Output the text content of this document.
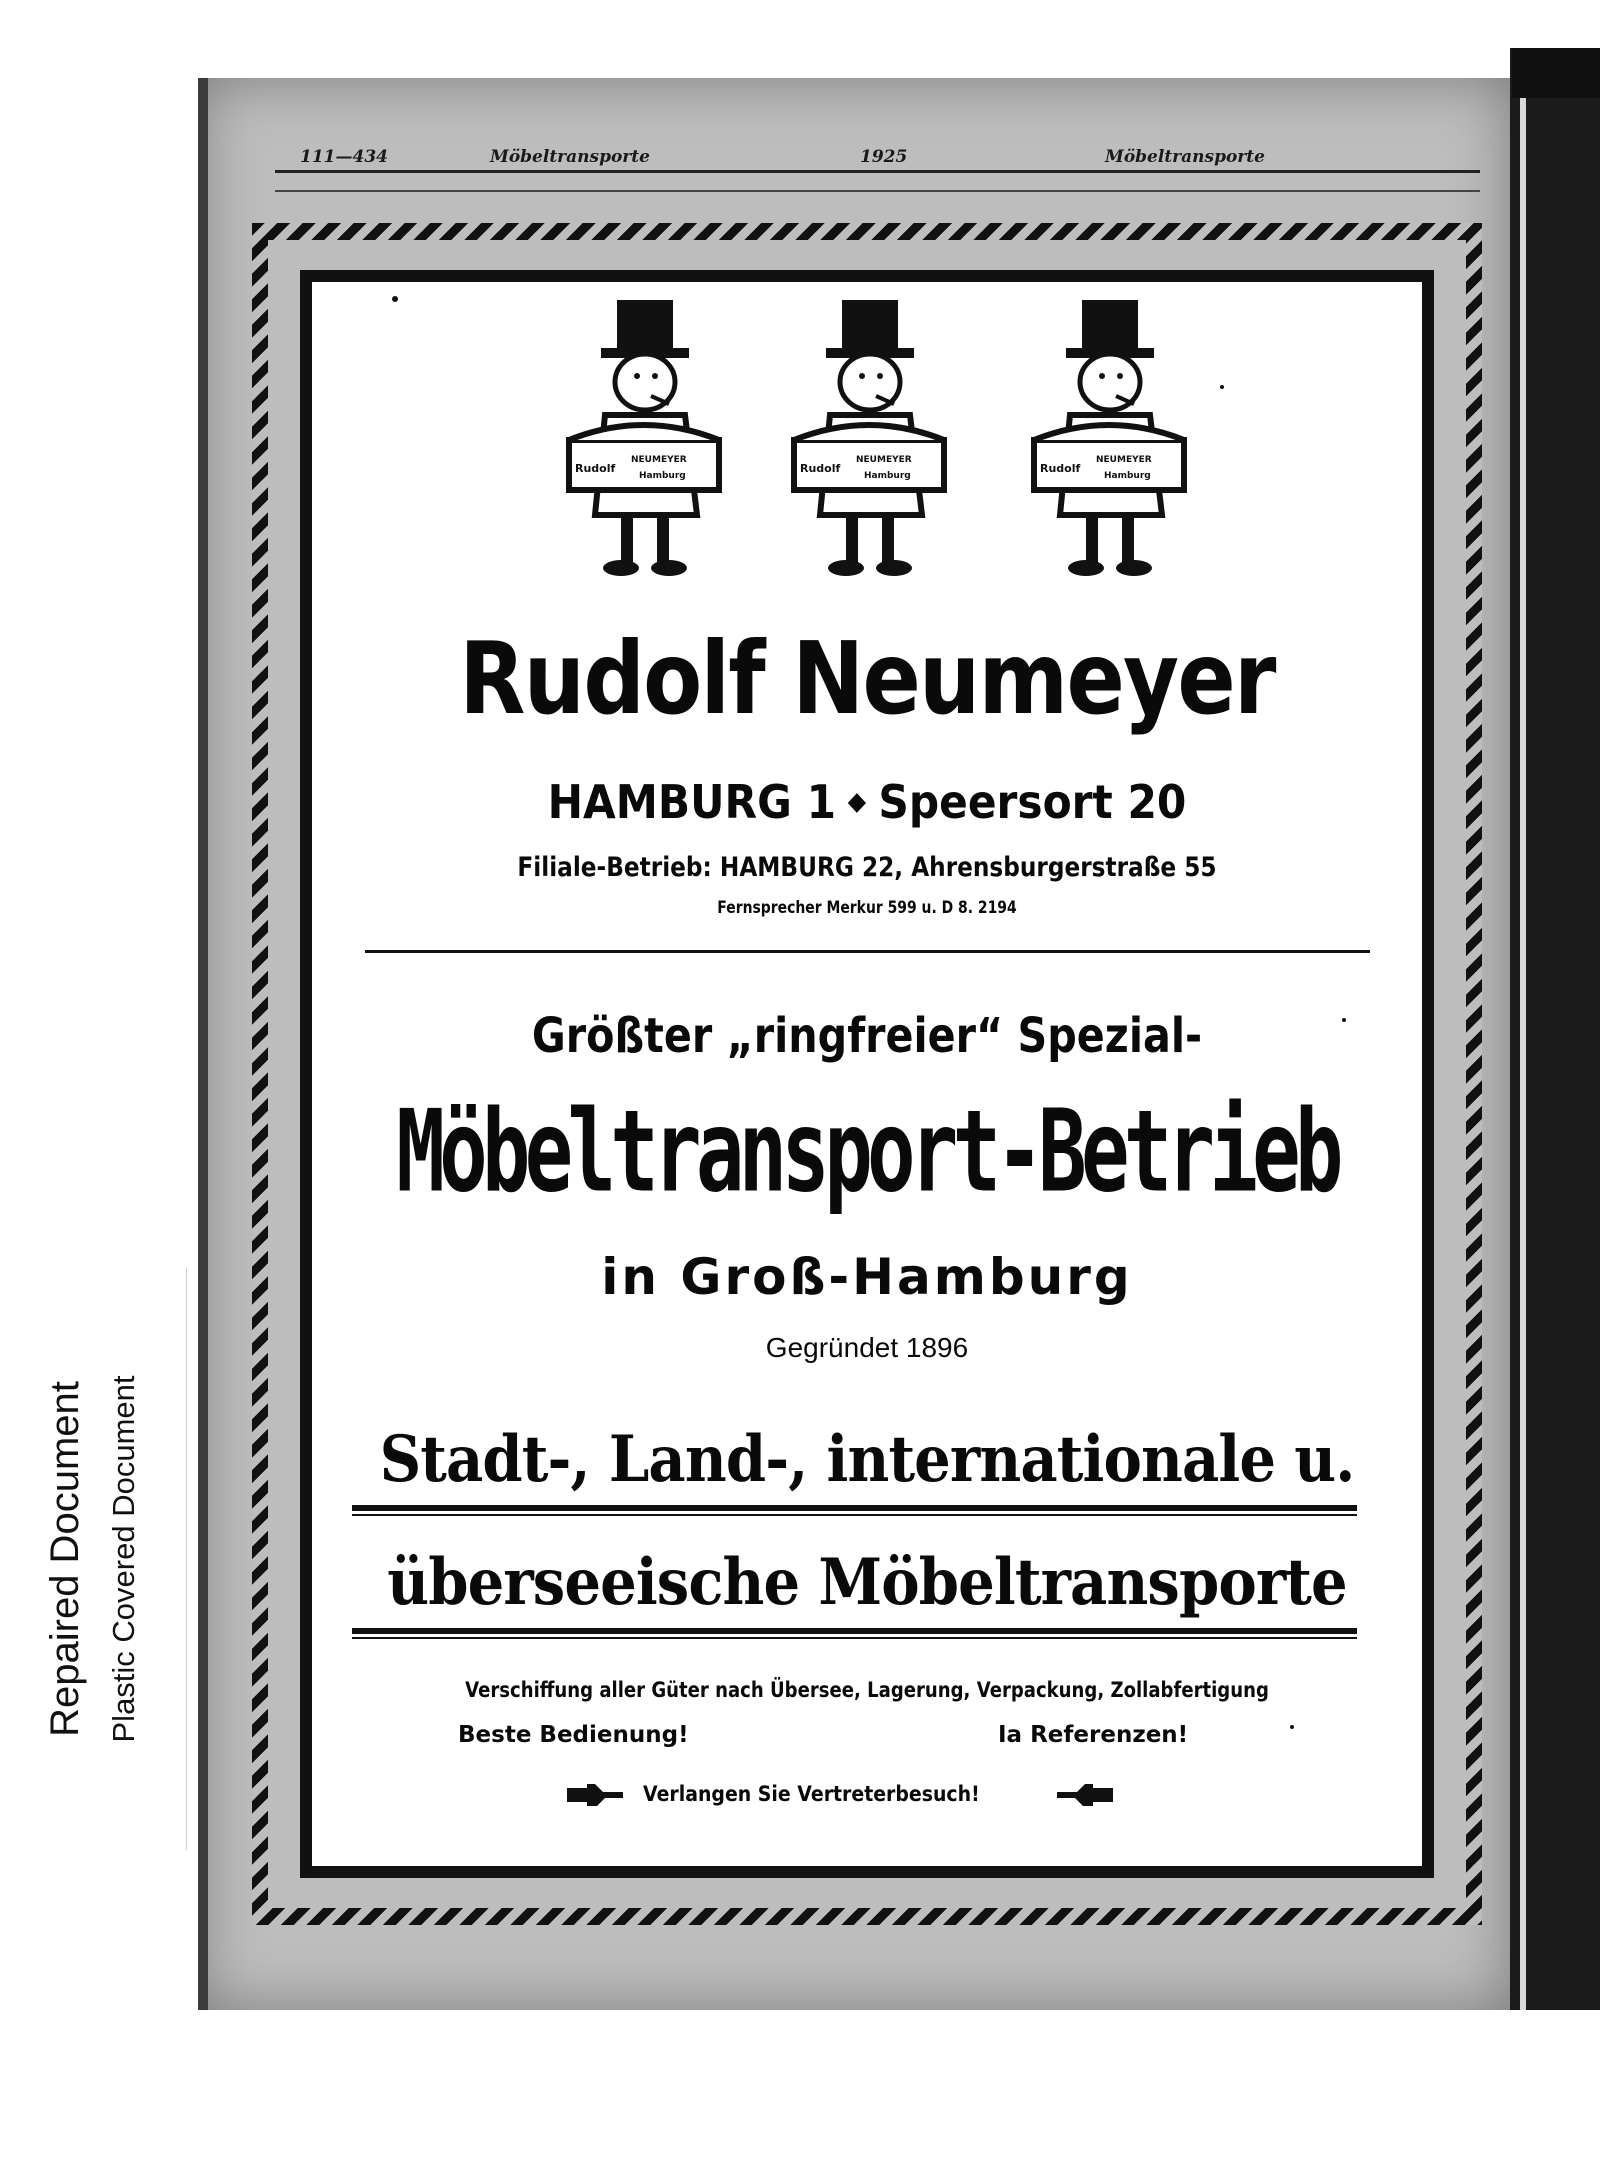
Repaired Document Plastic Covered Document
111—434	Möbeltransporte	1925	Möbeltransporte
Rudolf
NEUMEYER
Hamburg
Rudolf
NEUMEYER
Hamburg
Rudolf
NEUMEYER
Hamburg
Rudolf Neumeyer
HAMBURG 1 Speersort 20
Filiale-Betrieb: HAMBURG 22, Ahrensburgerstraße 55
Fernsprecher Merkur 599 u. D 8. 2194
Größter „ringfreier“ Spezial-
Möbeltransport-Betrieb
in Groß-Hamburg
Gegründet 1896
Stadt-, Land-, internationale u.
überseeische Möbeltransporte
Verschiffung aller Güter nach Übersee, Lagerung, Verpackung, Zollabfertigung
Beste Bedienung!	Ia Referenzen!
Verlangen Sie Vertreterbesuch!
